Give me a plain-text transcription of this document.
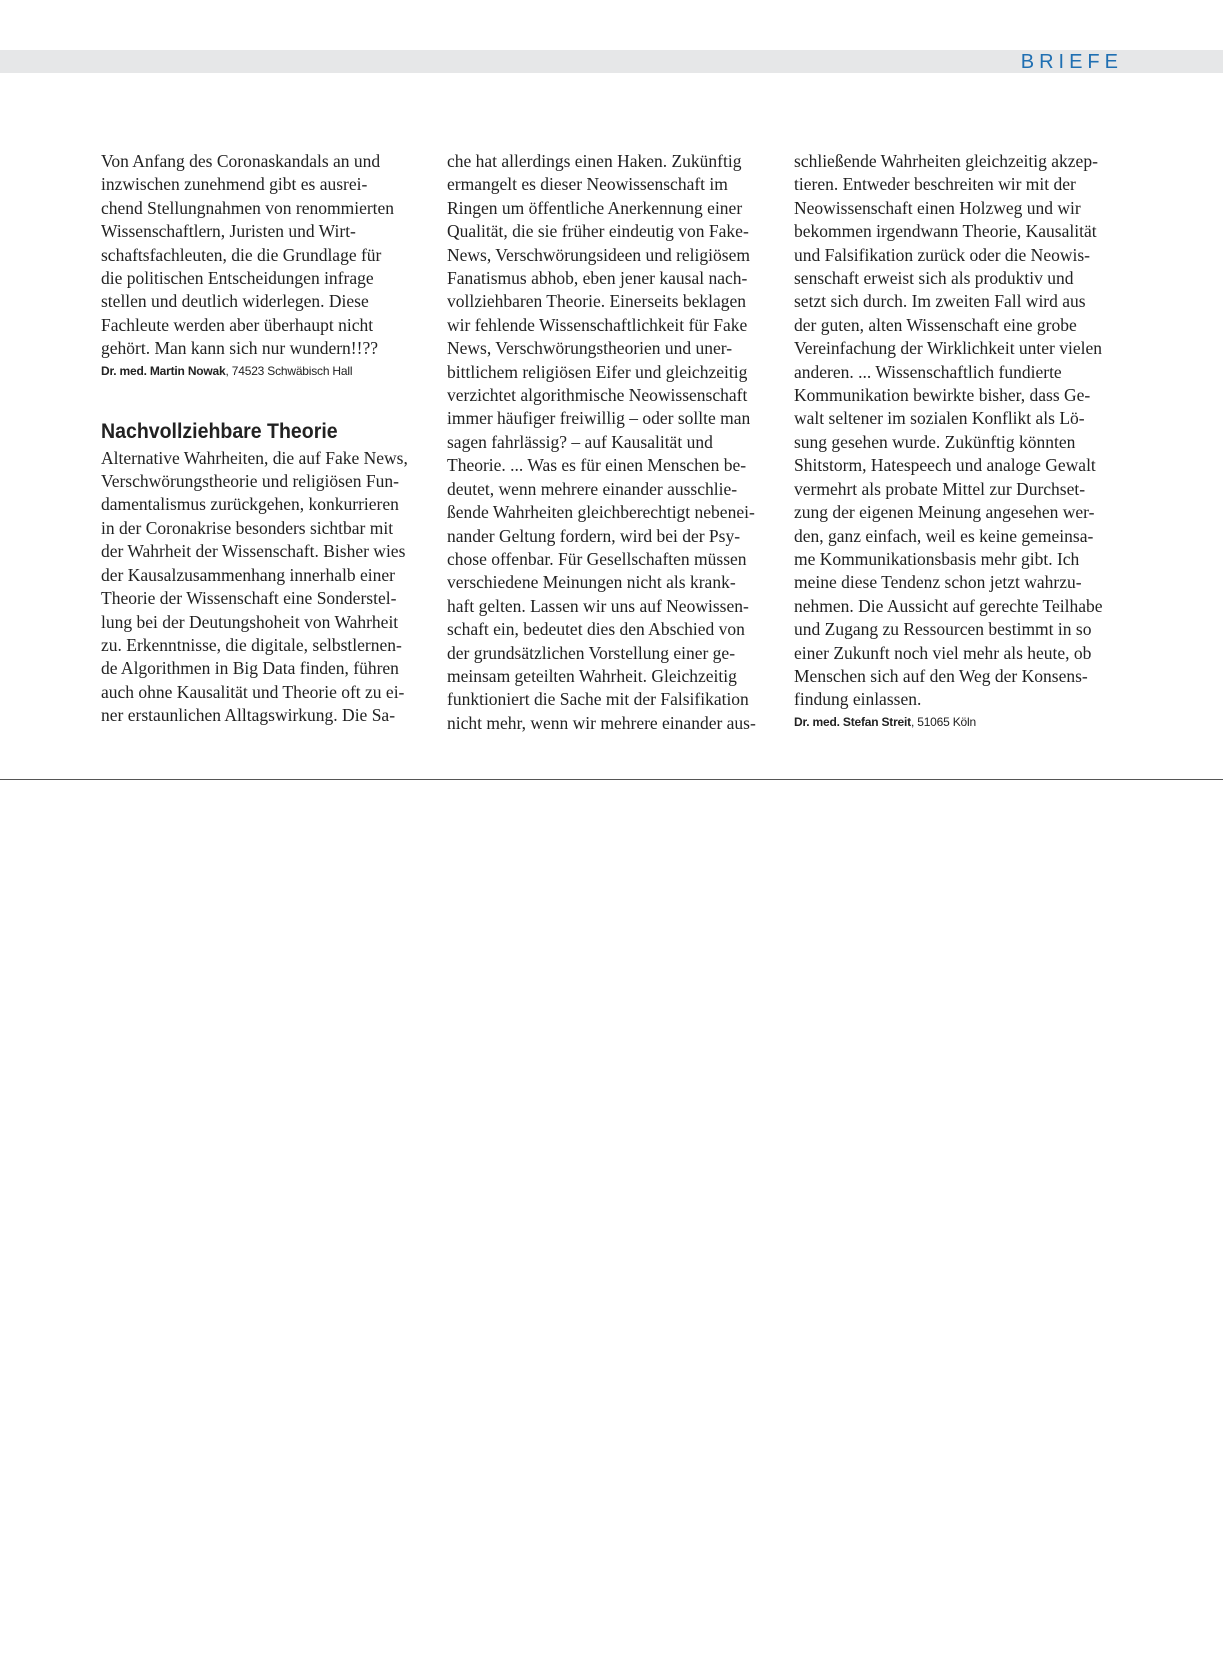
BRIEFE

Von Anfang des Coronaskandals an und
inzwischen zunehmend gibt es ausrei-
chend Stellungnahmen von renommierten
Wissenschaftlern, Juristen und Wirt-
schaftsfachleuten, die die Grundlage für
die politischen Entscheidungen infrage
stellen und deutlich widerlegen. Diese
Fachleute werden aber überhaupt nicht
gehört. Man kann sich nur wundern!!??

Dr. med. Martin Nowak, 74523 Schwäbisch Hall
Nachvollziehbare Theorie

Alternative Wahrheiten, die auf Fake News,
Verschwörungstheorie und religiösen Fun-
damentalismus zurückgehen, konkurrieren
in der Coronakrise besonders sichtbar mit
der Wahrheit der Wissenschaft. Bisher wies
der Kausalzusammenhang innerhalb einer
Theorie der Wissenschaft eine Sonderstel-
lung bei der Deutungshoheit von Wahrheit
zu. Erkenntnisse, die digitale, selbstlernen-
de Algorithmen in Big Data finden, führen
auch ohne Kausalität und Theorie oft zu ei-
ner erstaunlichen Alltagswirkung. Die Sa-

che hat allerdings einen Haken. Zukünftig
ermangelt es dieser Neowissenschaft im
Ringen um öffentliche Anerkennung einer
Qualität, die sie früher eindeutig von Fake-
News, Verschwörungsideen und religiösem
Fanatismus abhob, eben jener kausal nach-
vollziehbaren Theorie. Einerseits beklagen
wir fehlende Wissenschaftlichkeit für Fake
News, Verschwörungstheorien und uner-
bittlichem religiösen Eifer und gleichzeitig
verzichtet algorithmische Neowissenschaft
immer häufiger freiwillig – oder sollte man
sagen fahrlässig? – auf Kausalität und
Theorie. ... Was es für einen Menschen be-
deutet, wenn mehrere einander ausschlie-
ßende Wahrheiten gleichberechtigt nebenei-
nander Geltung fordern, wird bei der Psy-
chose offenbar. Für Gesellschaften müssen
verschiedene Meinungen nicht als krank-
haft gelten. Lassen wir uns auf Neowissen-
schaft ein, bedeutet dies den Abschied von
der grundsätzlichen Vorstellung einer ge-
meinsam geteilten Wahrheit. Gleichzeitig
funktioniert die Sache mit der Falsifikation
nicht mehr, wenn wir mehrere einander aus-

schließende Wahrheiten gleichzeitig akzep-
tieren. Entweder beschreiten wir mit der
Neowissenschaft einen Holzweg und wir
bekommen irgendwann Theorie, Kausalität
und Falsifikation zurück oder die Neowis-
senschaft erweist sich als produktiv und
setzt sich durch. Im zweiten Fall wird aus
der guten, alten Wissenschaft eine grobe
Vereinfachung der Wirklichkeit unter vielen
anderen. ... Wissenschaftlich fundierte
Kommunikation bewirkte bisher, dass Ge-
walt seltener im sozialen Konflikt als Lö-
sung gesehen wurde. Zukünftig könnten
Shitstorm, Hatespeech und analoge Gewalt
vermehrt als probate Mittel zur Durchset-
zung der eigenen Meinung angesehen wer-
den, ganz einfach, weil es keine gemeinsa-
me Kommunikationsbasis mehr gibt. Ich
meine diese Tendenz schon jetzt wahrzu-
nehmen. Die Aussicht auf gerechte Teilhabe
und Zugang zu Ressourcen bestimmt in so
einer Zukunft noch viel mehr als heute, ob
Menschen sich auf den Weg der Konsens-
findung einlassen.

Dr. med. Stefan Streit, 51065 Köln
